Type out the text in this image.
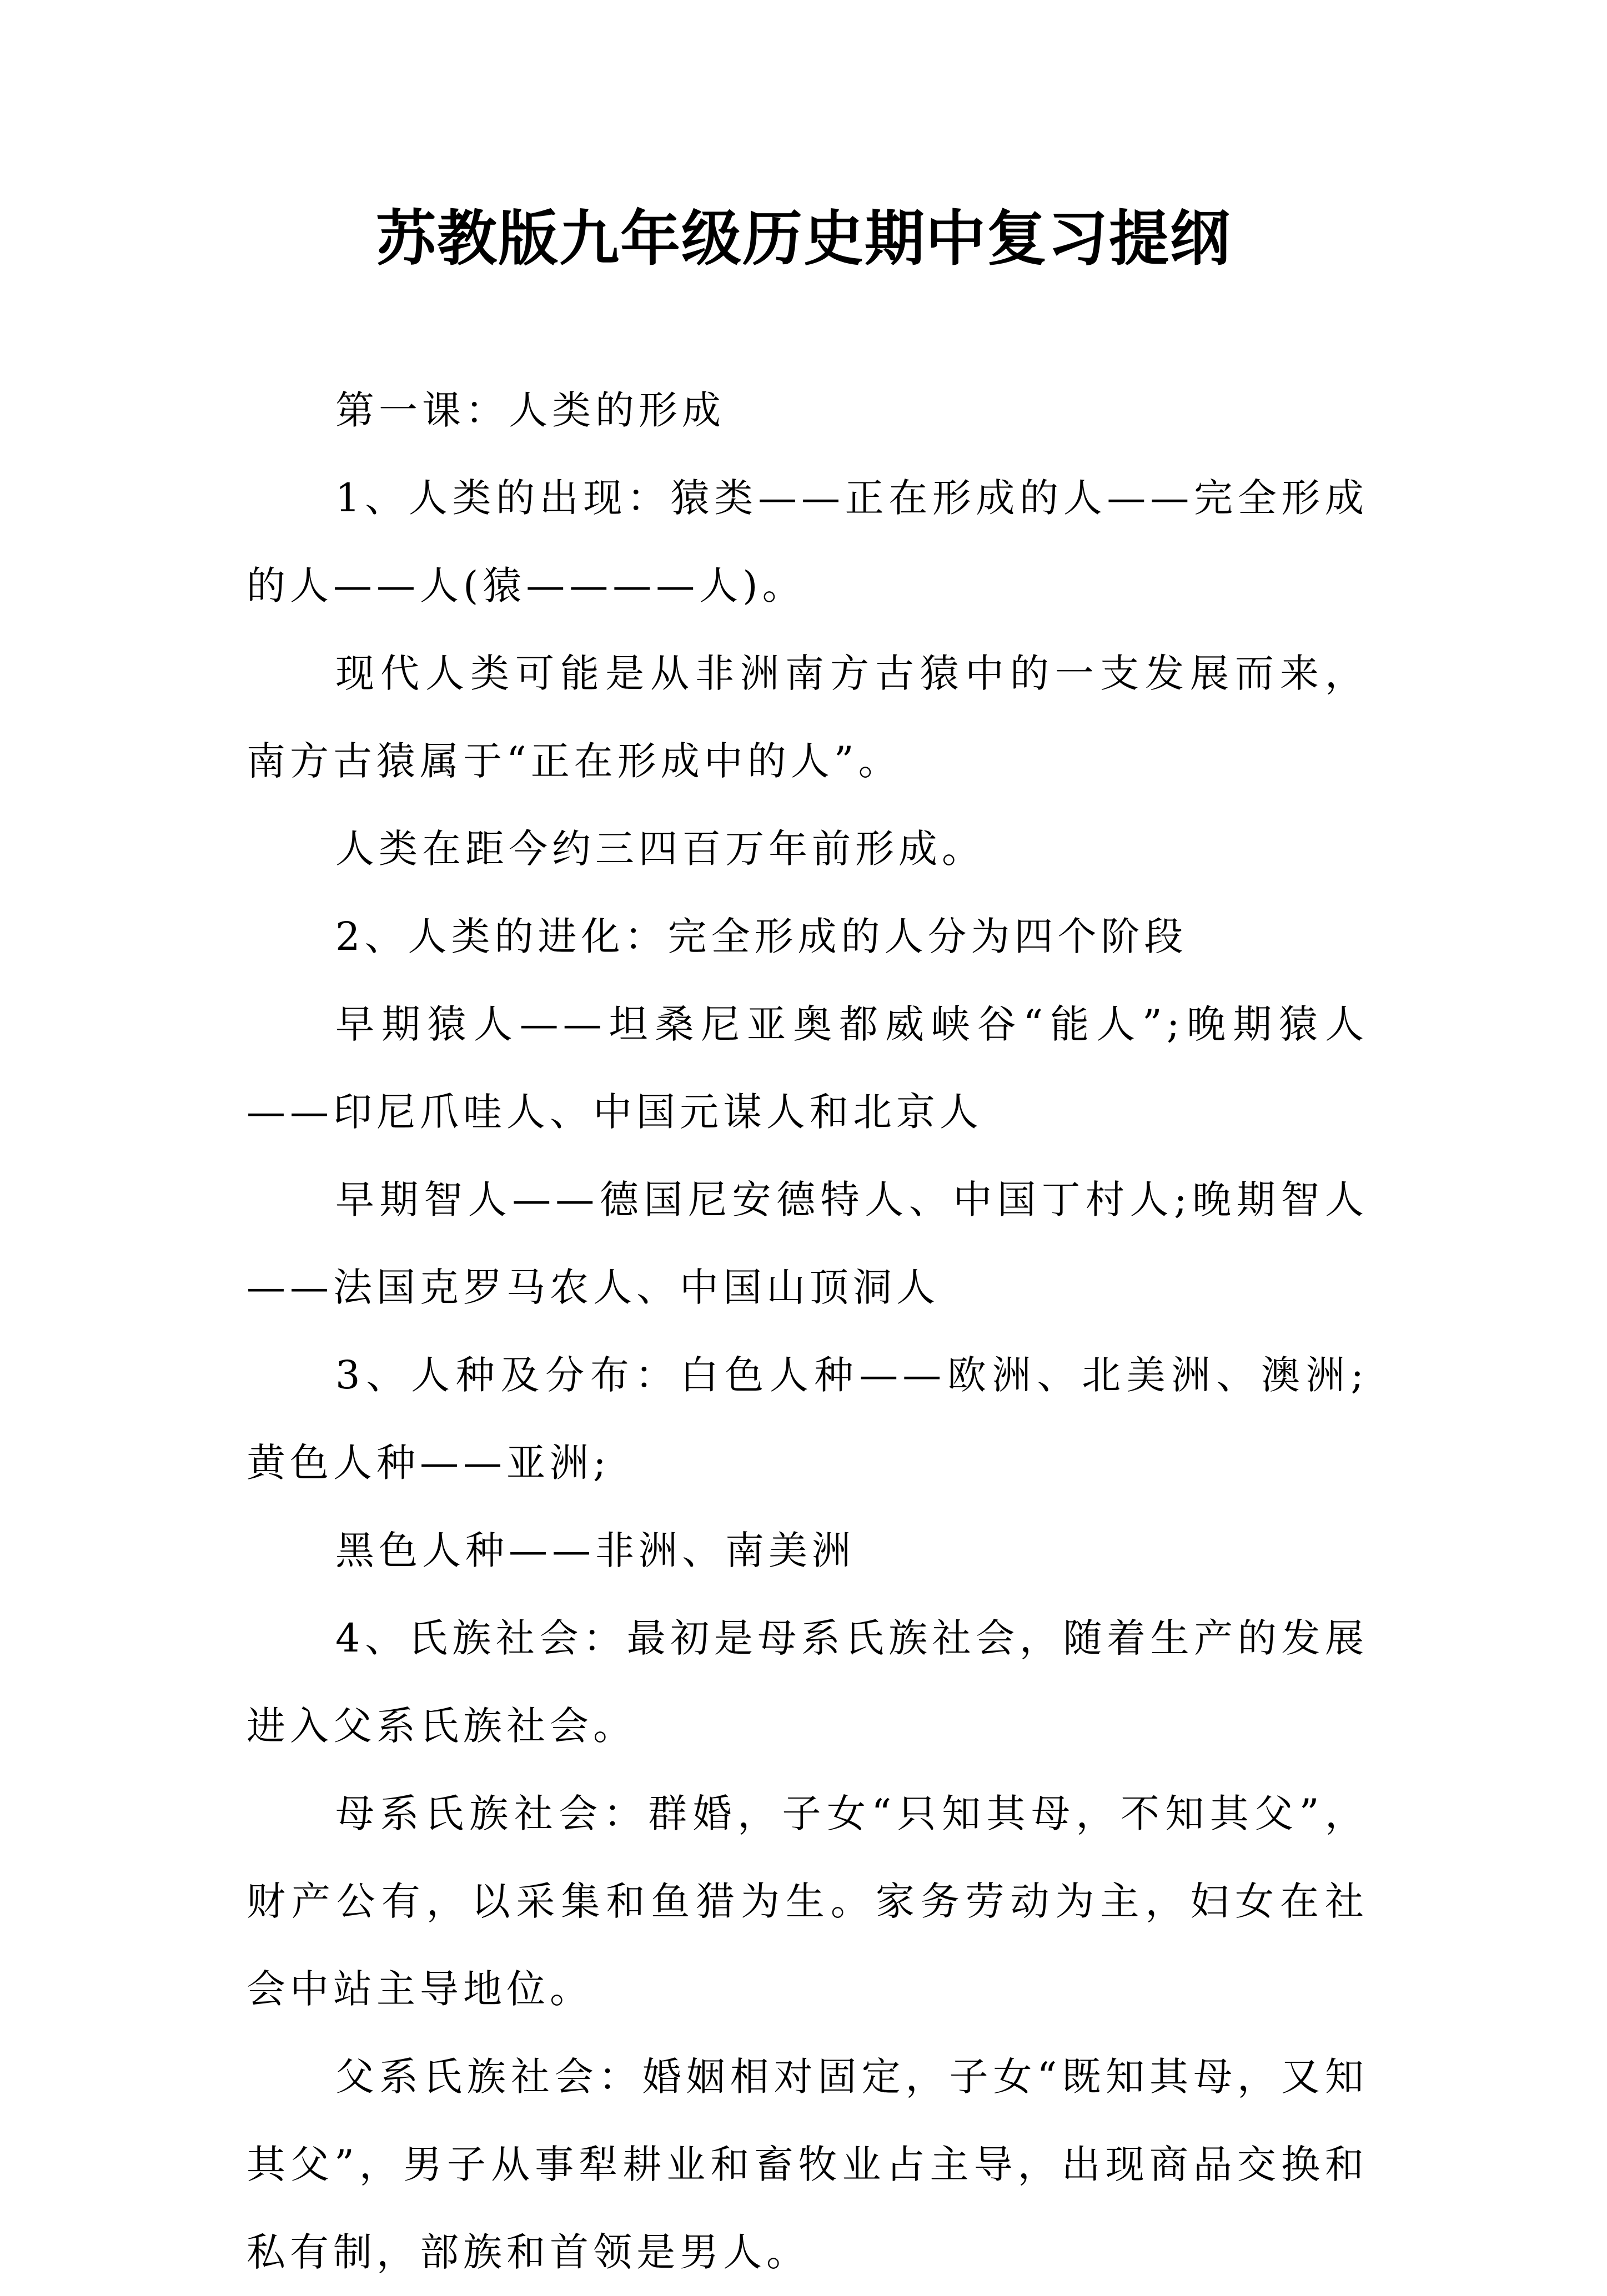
苏教版九年级历史期中复习提纲

第一课：人类的形成

1、人类的出现：猿类——正在形成的人——完全形成的人——人(猿————人)。

现代人类可能是从非洲南方古猿中的一支发展而来，南方古猿属于“正在形成中的人”。

人类在距今约三四百万年前形成。

2、人类的进化：完全形成的人分为四个阶段

早期猿人——坦桑尼亚奥都威峡谷“能人”;晚期猿人——印尼爪哇人、中国元谋人和北京人

早期智人——德国尼安德特人、中国丁村人;晚期智人——法国克罗马农人、中国山顶洞人

3、人种及分布：白色人种——欧洲、北美洲、澳洲;黄色人种——亚洲;

黑色人种——非洲、南美洲

4、氏族社会：最初是母系氏族社会，随着生产的发展进入父系氏族社会。

母系氏族社会：群婚，子女“只知其母，不知其父”，财产公有，以采集和鱼猎为生。家务劳动为主，妇女在社会中站主导地位。

父系氏族社会：婚姻相对固定，子女“既知其母，又知其父”，男子从事犁耕业和畜牧业占主导，出现商品交换和私有制，部族和首领是男人。
